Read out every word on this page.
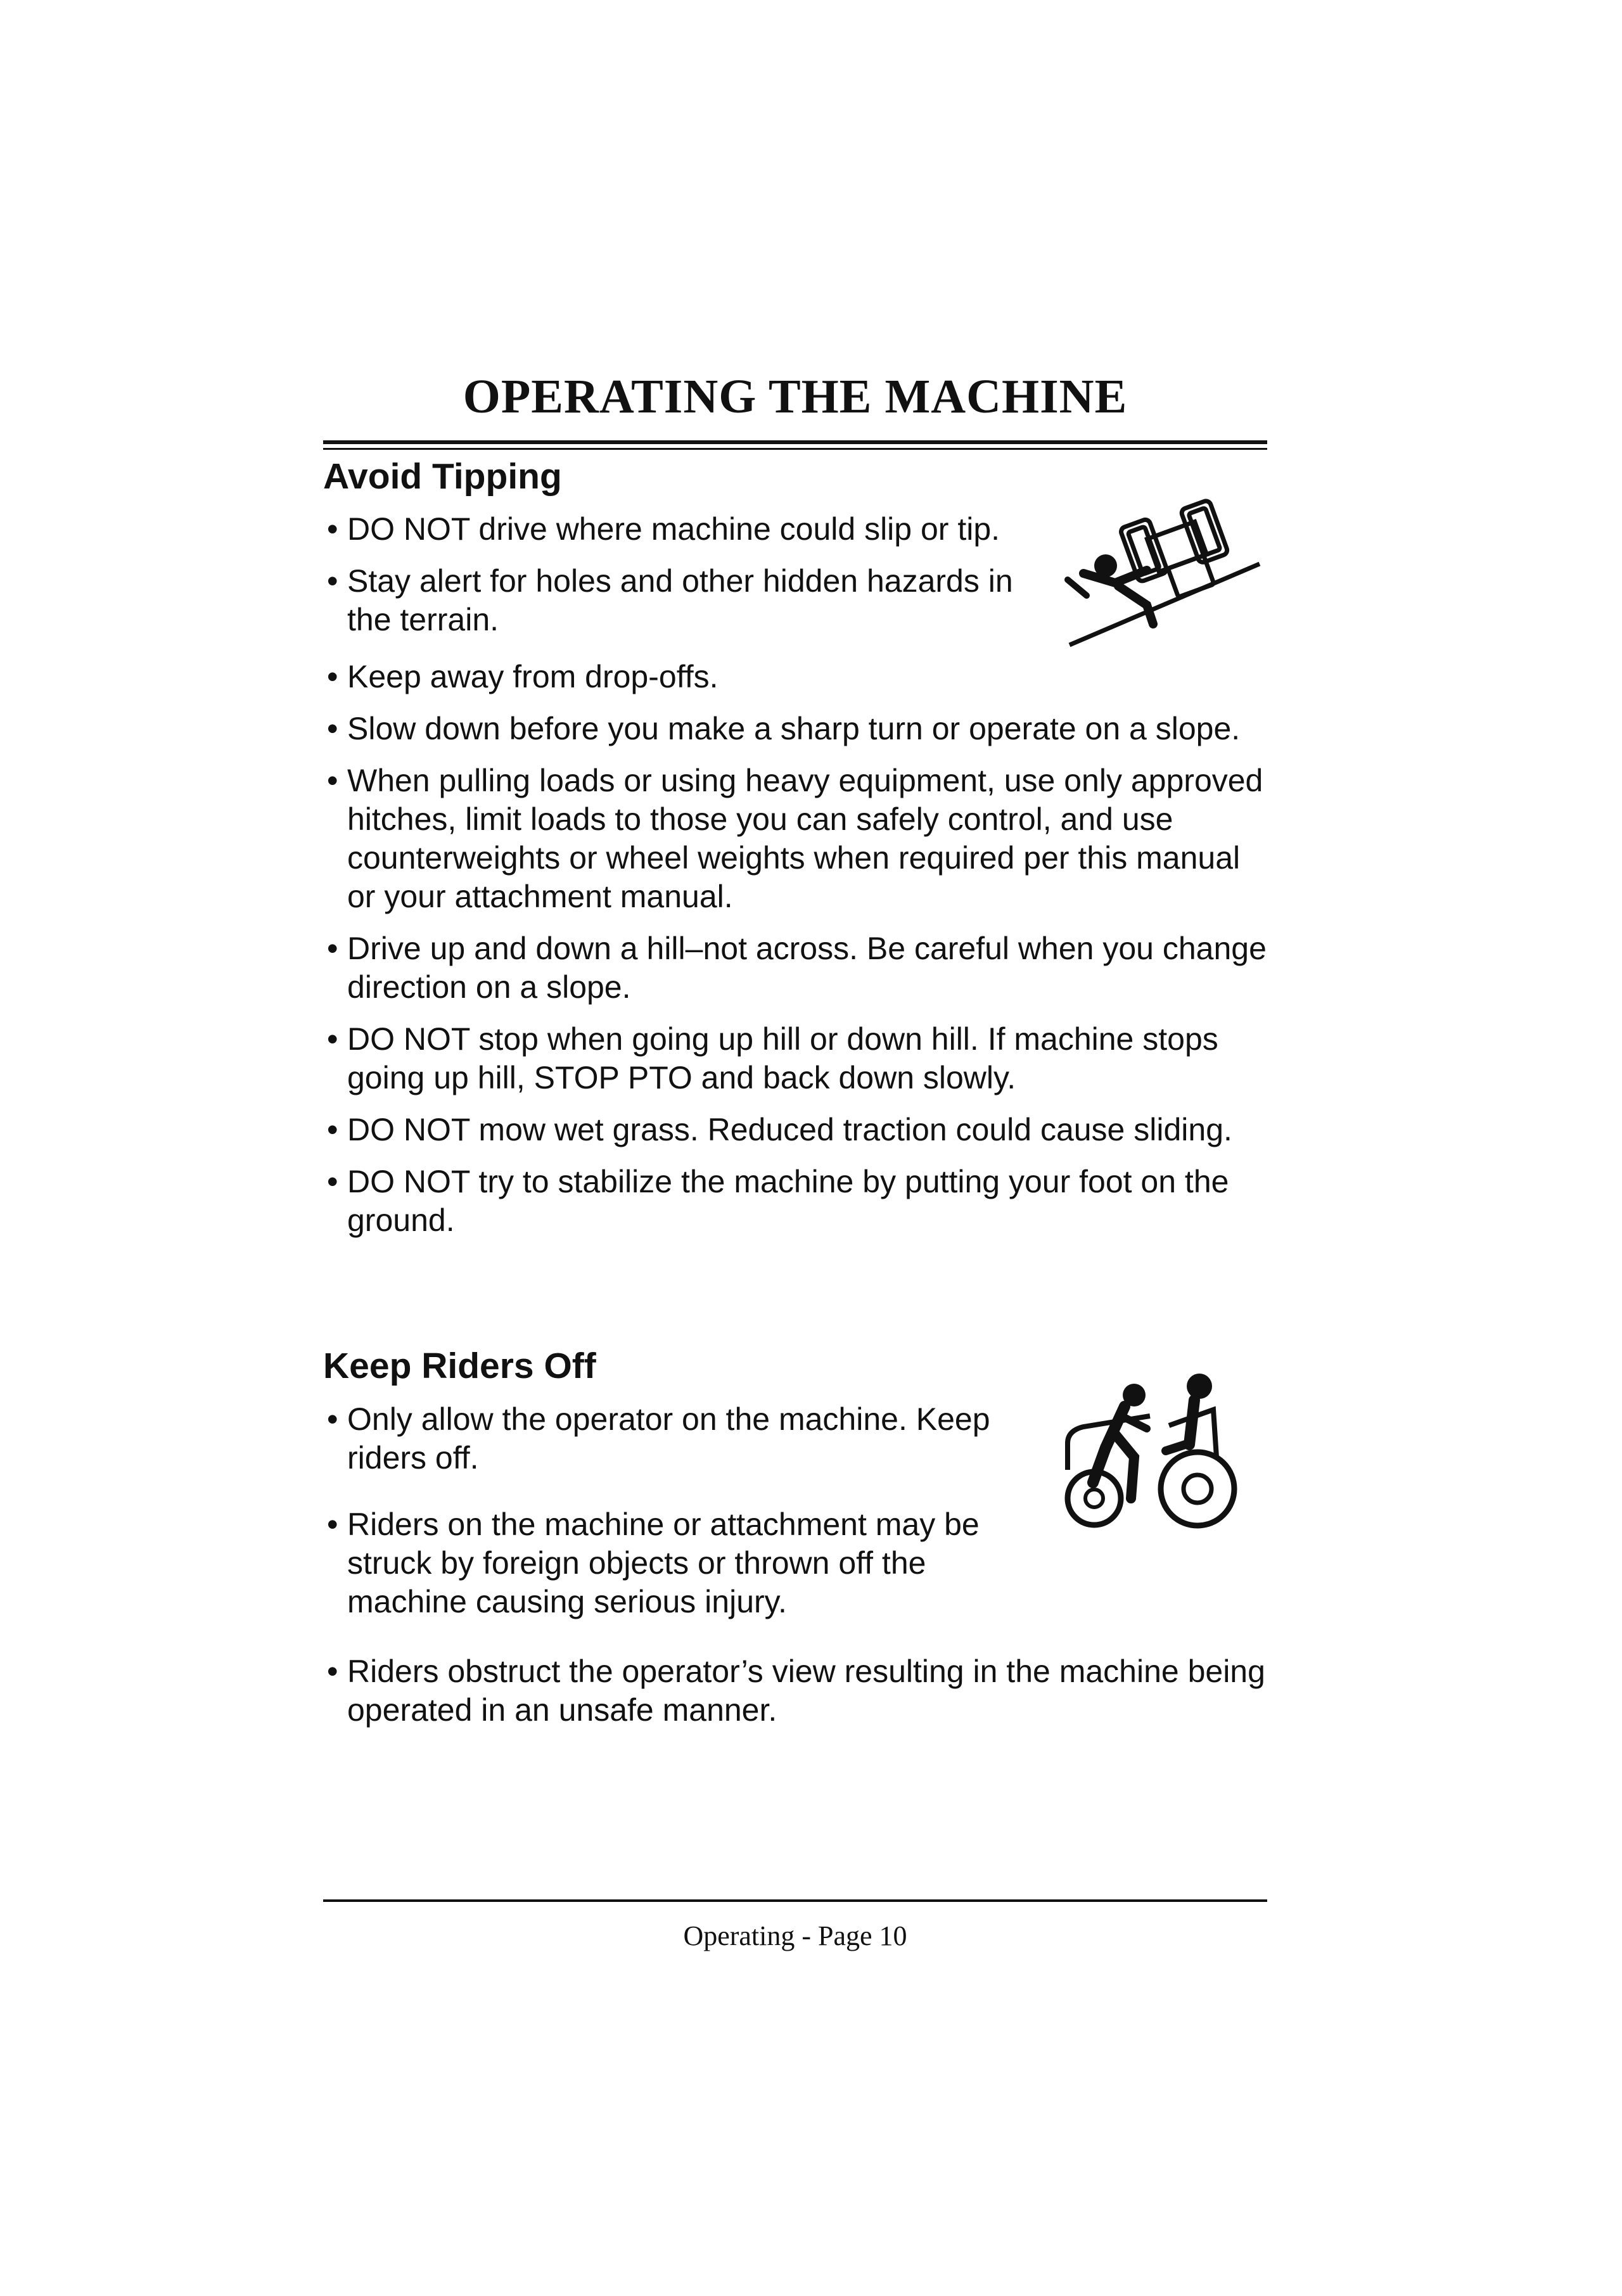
OPERATING THE MACHINE
Avoid Tipping
• DO NOT drive where machine could slip or tip.
• Stay alert for holes and other hidden hazards in the terrain.
• Keep away from drop-offs.
• Slow down before you make a sharp turn or operate on a slope.
• When pulling loads or using heavy equipment, use only approved hitches, limit loads to those you can safely control, and use counterweights or wheel weights when required per this manual or your attachment manual.
• Drive up and down a hill–not across. Be careful when you change direction on a slope.
• DO NOT stop when going up hill or down hill. If machine stops going up hill, STOP PTO and back down slowly.
• DO NOT mow wet grass. Reduced traction could cause sliding.
• DO NOT try to stabilize the machine by putting your foot on the ground.
Keep Riders Off
• Only allow the operator on the machine. Keep riders off.
• Riders on the machine or attachment may be struck by foreign objects or thrown off the machine causing serious injury.
• Riders obstruct the operator’s view resulting in the machine being operated in an unsafe manner.

Operating - Page 10
